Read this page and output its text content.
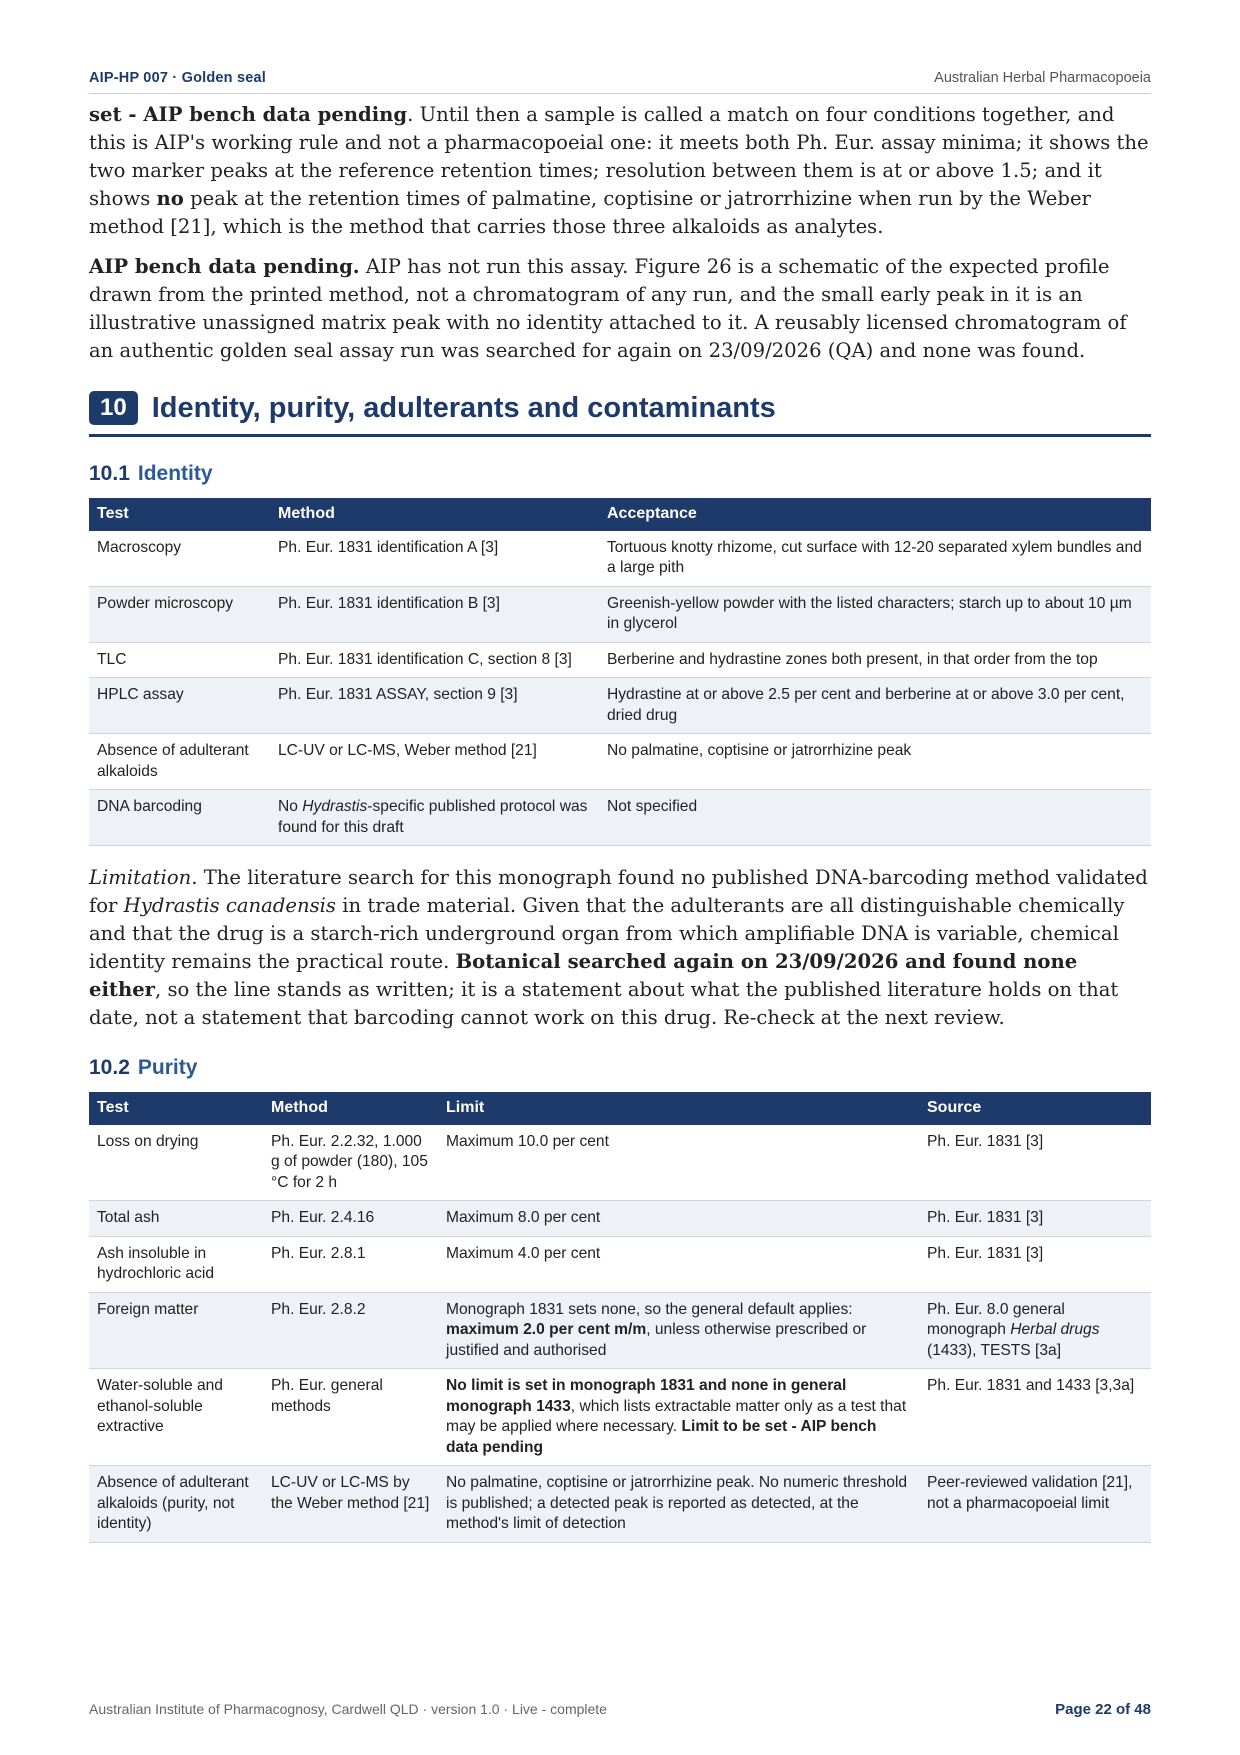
AIP-HP 007 · Golden seal	Australian Herbal Pharmacopoeia

set - AIP bench data pending. Until then a sample is called a match on four conditions together, and this is AIP's working rule and not a pharmacopoeial one: it meets both Ph. Eur. assay minima; it shows the two marker peaks at the reference retention times; resolution between them is at or above 1.5; and it shows no peak at the retention times of palmatine, coptisine or jatrorrhizine when run by the Weber method [21], which is the method that carries those three alkaloids as analytes.

AIP bench data pending. AIP has not run this assay. Figure 26 is a schematic of the expected profile drawn from the printed method, not a chromatogram of any run, and the small early peak in it is an illustrative unassigned matrix peak with no identity attached to it. A reusably licensed chromatogram of an authentic golden seal assay run was searched for again on 23/09/2026 (QA) and none was found.

10 Identity, purity, adulterants and contaminants
10.1 Identity
Test	Method	Acceptance
Macroscopy	Ph. Eur. 1831 identification A [3]	Tortuous knotty rhizome, cut surface with 12-20 separated xylem bundles and a large pith
Powder microscopy	Ph. Eur. 1831 identification B [3]	Greenish-yellow powder with the listed characters; starch up to about 10 µm in glycerol
TLC	Ph. Eur. 1831 identification C, section 8 [3]	Berberine and hydrastine zones both present, in that order from the top
HPLC assay	Ph. Eur. 1831 ASSAY, section 9 [3]	Hydrastine at or above 2.5 per cent and berberine at or above 3.0 per cent, dried drug
Absence of adulterant alkaloids	LC-UV or LC-MS, Weber method [21]	No palmatine, coptisine or jatrorrhizine peak
DNA barcoding	No Hydrastis-specific published protocol was found for this draft	Not specified

Limitation. The literature search for this monograph found no published DNA-barcoding method validated for Hydrastis canadensis in trade material. Given that the adulterants are all distinguishable chemically and that the drug is a starch-rich underground organ from which amplifiable DNA is variable, chemical identity remains the practical route. Botanical searched again on 23/09/2026 and found none either, so the line stands as written; it is a statement about what the published literature holds on that date, not a statement that barcoding cannot work on this drug. Re-check at the next review.

10.2 Purity
Test	Method	Limit	Source
Loss on drying	Ph. Eur. 2.2.32, 1.000 g of powder (180), 105 °C for 2 h	Maximum 10.0 per cent	Ph. Eur. 1831 [3]
Total ash	Ph. Eur. 2.4.16	Maximum 8.0 per cent	Ph. Eur. 1831 [3]
Ash insoluble in hydrochloric acid	Ph. Eur. 2.8.1	Maximum 4.0 per cent	Ph. Eur. 1831 [3]
Foreign matter	Ph. Eur. 2.8.2	Monograph 1831 sets none, so the general default applies: maximum 2.0 per cent m/m, unless otherwise prescribed or justified and authorised	Ph. Eur. 8.0 general monograph Herbal drugs (1433), TESTS [3a]
Water-soluble and ethanol-soluble extractive	Ph. Eur. general methods	No limit is set in monograph 1831 and none in general monograph 1433, which lists extractable matter only as a test that may be applied where necessary. Limit to be set - AIP bench data pending	Ph. Eur. 1831 and 1433 [3,3a]
Absence of adulterant alkaloids (purity, not identity)	LC-UV or LC-MS by the Weber method [21]	No palmatine, coptisine or jatrorrhizine peak. No numeric threshold is published; a detected peak is reported as detected, at the method's limit of detection	Peer-reviewed validation [21], not a pharmacopoeial limit
Australian Institute of Pharmacognosy, Cardwell QLD · version 1.0 · Live - complete	Page 22 of 48
